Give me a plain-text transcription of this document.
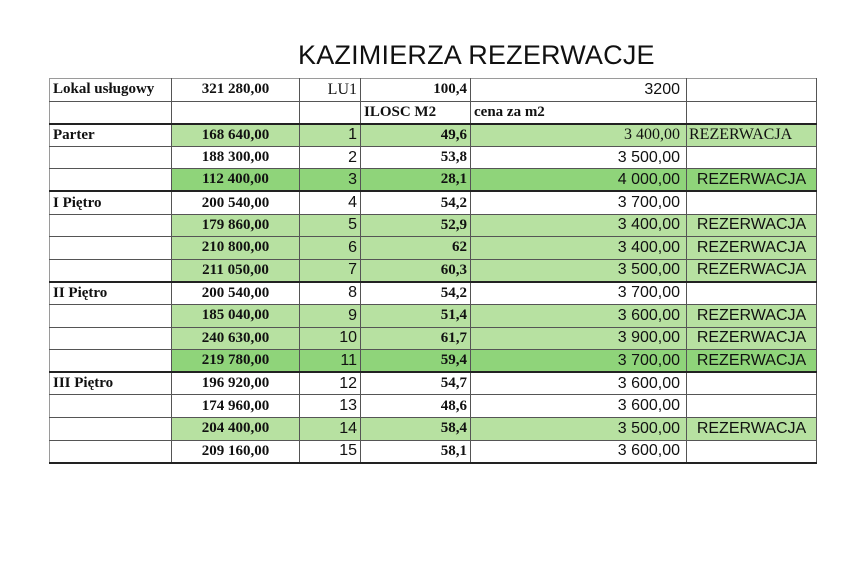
KAZIMIERZA REZERWACJE
Lokal usługowy	321 280,00	LU1	100,4	3200	
			ILOSC M2	cena za m2	
Parter	168 640,00	1	49,6	3 400,00	REZERWACJA
	188 300,00	2	53,8	3 500,00	
	112 400,00	3	28,1	4 000,00	REZERWACJA
I Piętro	200 540,00	4	54,2	3 700,00	
	179 860,00	5	52,9	3 400,00	REZERWACJA
	210 800,00	6	62	3 400,00	REZERWACJA
	211 050,00	7	60,3	3 500,00	REZERWACJA
II Piętro	200 540,00	8	54,2	3 700,00	
	185 040,00	9	51,4	3 600,00	REZERWACJA
	240 630,00	10	61,7	3 900,00	REZERWACJA
	219 780,00	11	59,4	3 700,00	REZERWACJA
III Piętro	196 920,00	12	54,7	3 600,00	
	174 960,00	13	48,6	3 600,00	
	204 400,00	14	58,4	3 500,00	REZERWACJA
	209 160,00	15	58,1	3 600,00	
